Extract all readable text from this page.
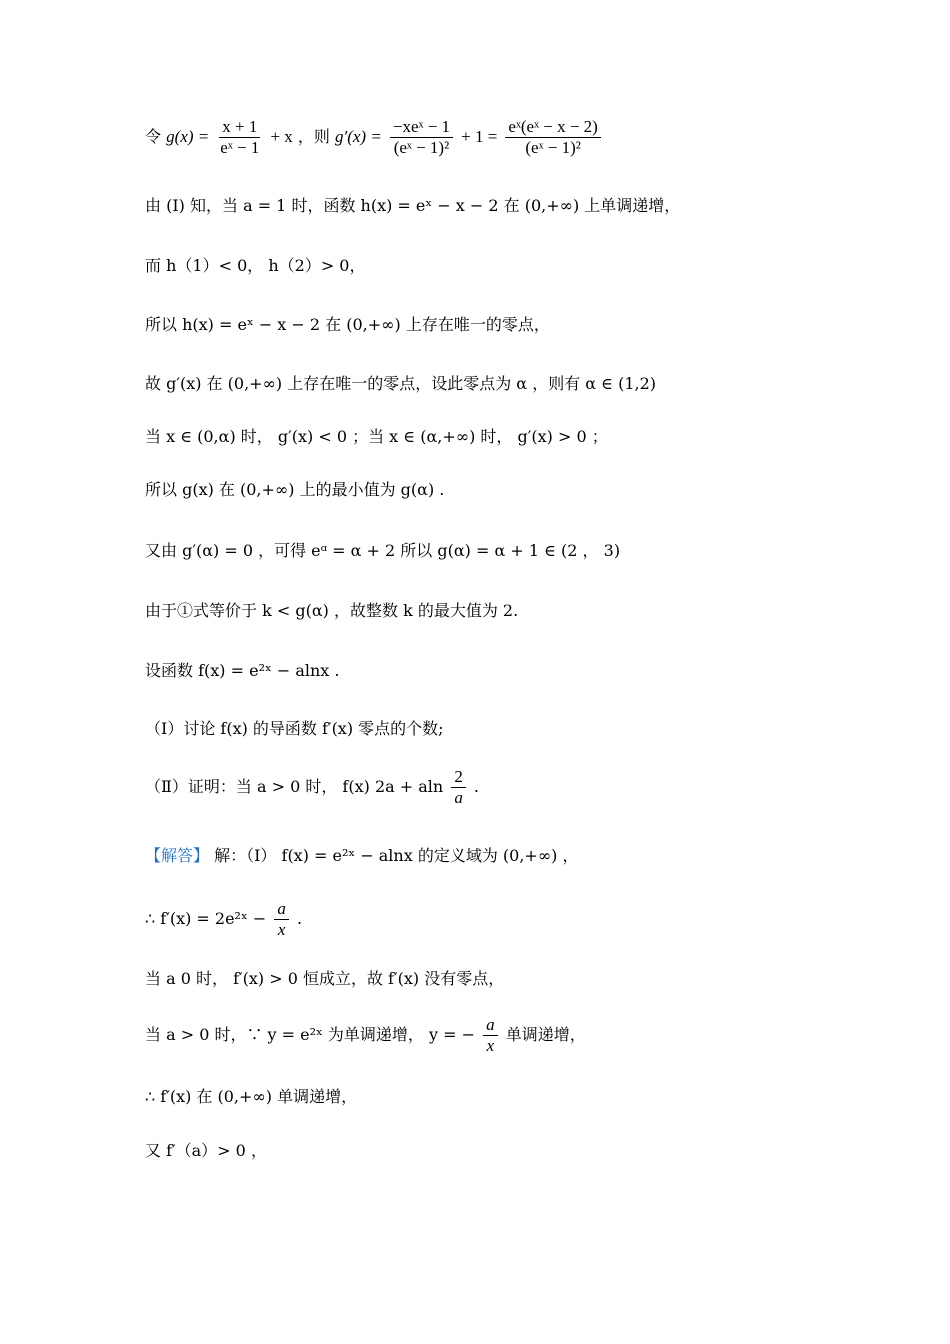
令 $g(x) = \frac{x + 1}{\text{eˣ − 1}} + x$ ，则 $g'(x) = \frac{\text{−xeˣ − 1}}{\text{(eˣ − 1)²}} + 1 = \frac{\text{eˣ(eˣ − x − 2)}}{\text{(eˣ − 1)²}}$
由 (I) 知，当 a = 1 时，函数 h(x) = eˣ − x − 2 在 (0,+∞) 上单调递增，
而 h（1）< 0， h（2）> 0，
所以 h(x) = eˣ − x − 2 在 (0,+∞) 上存在唯一的零点，
故 g′(x) 在 (0,+∞) 上存在唯一的零点，设此零点为 α ，则有 α ∈ (1,2)
当 x ∈ (0,α) 时， g′(x) < 0 ；当 x ∈ (α,+∞) 时， g′(x) > 0 ；
所以 g(x) 在 (0,+∞) 上的最小值为 g(α) .
又由 g′(α) = 0 ，可得 eᵅ = α + 2 所以 g(α) = α + 1 ∈ (2 ， 3)
由于①式等价于 k < g(α) ，故整数 k 的最大值为 2.
设函数 f(x) = e²ˣ − alnx .
（Ⅰ）讨论 f(x) 的导函数 f′(x) 零点的个数;
（Ⅱ）证明：当 a > 0 时， f(x) 2a + aln $\frac{2}{a}$ .
【解答】 解：（Ⅰ） f(x) = e²ˣ − alnx 的定义域为 (0,+∞) ，
∴ f′(x) = 2e²ˣ − $\frac{a}{x}$ .
当 a 0 时， f′(x) > 0 恒成立，故 f′(x) 没有零点，
当 a > 0 时，∵ y = e²ˣ 为单调递增， y = − $\frac{a}{x}$ 单调递增，
∴ f′(x) 在 (0,+∞) 单调递增，
又 f′（a）> 0 ，
